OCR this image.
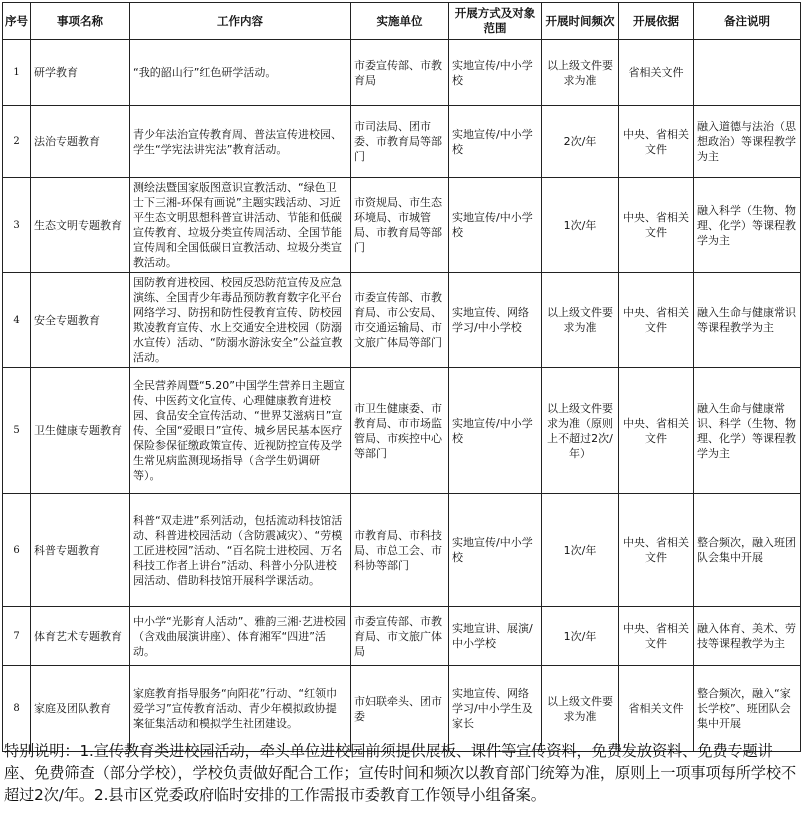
序号	事项名称	工作内容	实施单位	开展方式及对象范围	开展时间频次	开展依据	备注说明
1	研学教育	“我的韶山行”红色研学活动。	市委宣传部、市教育局	实地宣传/中小学校	以上级文件要求为准	省相关文件	
2	法治专题教育	青少年法治宣传教育周、普法宣传进校园、学生“学宪法讲宪法”教育活动。	市司法局、团市委、市教育局等部门	实地宣传/中小学校	2次/年	中央、省相关文件	融入道德与法治（思想政治）等课程教学为主
3	生态文明专题教育	测绘法暨国家版图意识宣教活动、“绿色卫士下三湘-环保有画说”主题实践活动、习近平生态文明思想科普宣讲活动、节能和低碳宣传教育、垃圾分类宣传周活动、全国节能宣传周和全国低碳日宣教活动、垃圾分类宣教活动。	市资规局、市生态环境局、市城管局、市教育局等部门	实地宣传/中小学校	1次/年	中央、省相关文件	融入科学（生物、物理、化学）等课程教学为主
4	安全专题教育	国防教育进校园、校园反恐防范宣传及应急演练、全国青少年毒品预防教育数字化平台网络学习、防拐和防性侵教育宣传、防校园欺凌教育宣传、水上交通安全进校园（防溺水宣传）活动、“防溺水游泳安全”公益宣教活动。	市委宣传部、市教育局、市公安局、市交通运输局、市文旅广体局等部门	实地宣传、网络学习/中小学校	以上级文件要求为准	中央、省相关文件	融入生命与健康常识等课程教学为主
5	卫生健康专题教育	全民营养周暨“5.20”中国学生营养日主题宣传、中医药文化宣传、心理健康教育进校园、食品安全宣传活动、“世界艾滋病日”宣传、全国“爱眼日”宣传、城乡居民基本医疗保险参保征缴政策宣传、近视防控宣传及学生常见病监测现场指导（含学生奶调研等）。	市卫生健康委、市教育局、市市场监管局、市疾控中心等部门	实地宣传/中小学校	以上级文件要求为准（原则上不超过2次/年）	中央、省相关文件	融入生命与健康常识、科学（生物、物理、化学）等课程教学为主
6	科普专题教育	科普“双走进”系列活动，包括流动科技馆活动、科普进校园活动（含防震减灾）、“劳模工匠进校园”活动、“百名院士进校园、万名科技工作者上讲台”活动、科普小分队进校园活动、借助科技馆开展科学课活动。	市教育局、市科技局、市总工会、市科协等部门	实地宣传/中小学校	1次/年	中央、省相关文件	整合频次，融入班团队会集中开展
7	体育艺术专题教育	中小学“光影育人活动”、雅韵三湘·艺进校园（含戏曲展演讲座）、体育湘军“四进”活动。	市委宣传部、市教育局、市文旅广体局	实地宣讲、展演/中小学校	1次/年	中央、省相关文件	融入体育、美术、劳技等课程教学为主
8	家庭及团队教育	家庭教育指导服务“向阳花”行动、“红领巾爱学习”宣传教育活动、青少年模拟政协提案征集活动和模拟学生社团建设。	市妇联牵头、团市委	实地宣传、网络学习/中小学生及家长	以上级文件要求为准	省相关文件	整合频次，融入“家长学校”、班团队会集中开展
特别说明：1.宣传教育类进校园活动，牵头单位进校园前须提供展板、课件等宣传资料，免费发放资料、免费专题讲座、免费筛查（部分学校），学校负责做好配合工作；宣传时间和频次以教育部门统筹为准，原则上一项事项每所学校不超过2次/年。2.县市区党委政府临时安排的工作需报市委教育工作领导小组备案。
